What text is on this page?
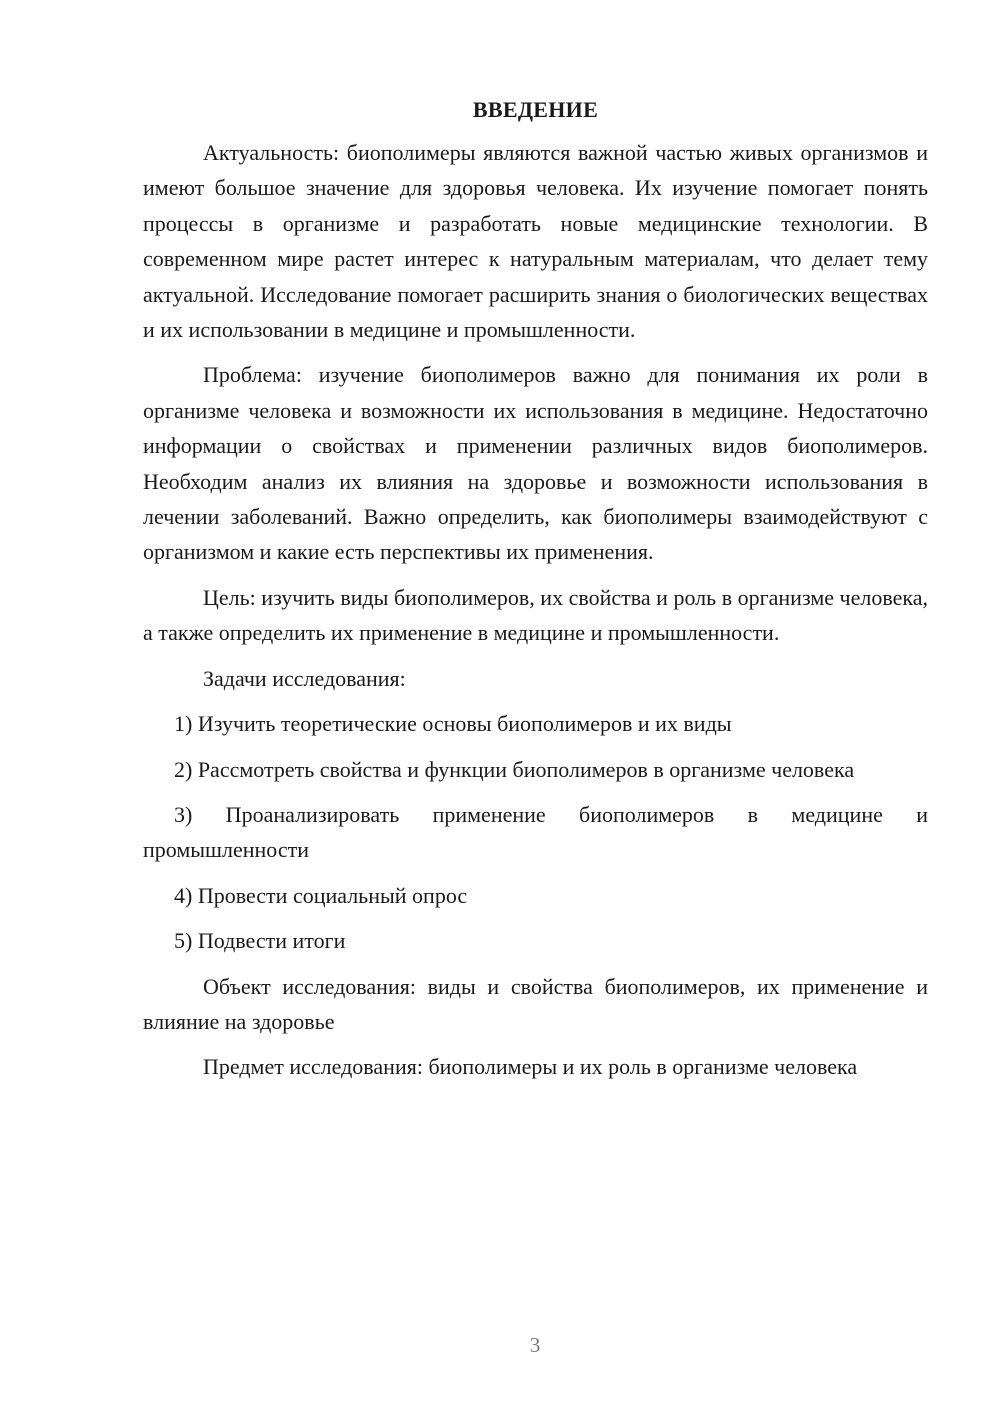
ВВЕДЕНИЕ

Актуальность: биополимеры являются важной частью живых организмов и имеют большое значение для здоровья человека. Их изучение помогает понять процессы в организме и разработать новые медицинские технологии. В современном мире растет интерес к натуральным материалам, что делает тему актуальной. Исследование помогает расширить знания о биологических веществах и их использовании в медицине и промышленности.

Проблема: изучение биополимеров важно для понимания их роли в организме человека и возможности их использования в медицине. Недостаточно информации о свойствах и применении различных видов биополимеров. Необходим анализ их влияния на здоровье и возможности использования в лечении заболеваний. Важно определить, как биополимеры взаимодействуют с организмом и какие есть перспективы их применения.

Цель: изучить виды биополимеров, их свойства и роль в организме человека, а также определить их применение в медицине и промышленности.

Задачи исследования:

1) Изучить теоретические основы биополимеров и их виды

2) Рассмотреть свойства и функции биополимеров в организме человека

3) Проанализировать применение биополимеров в медицине и промышленности

4) Провести социальный опрос

5) Подвести итоги

Объект исследования: виды и свойства биополимеров, их применение и влияние на здоровье

Предмет исследования: биополимеры и их роль в организме человека

3
